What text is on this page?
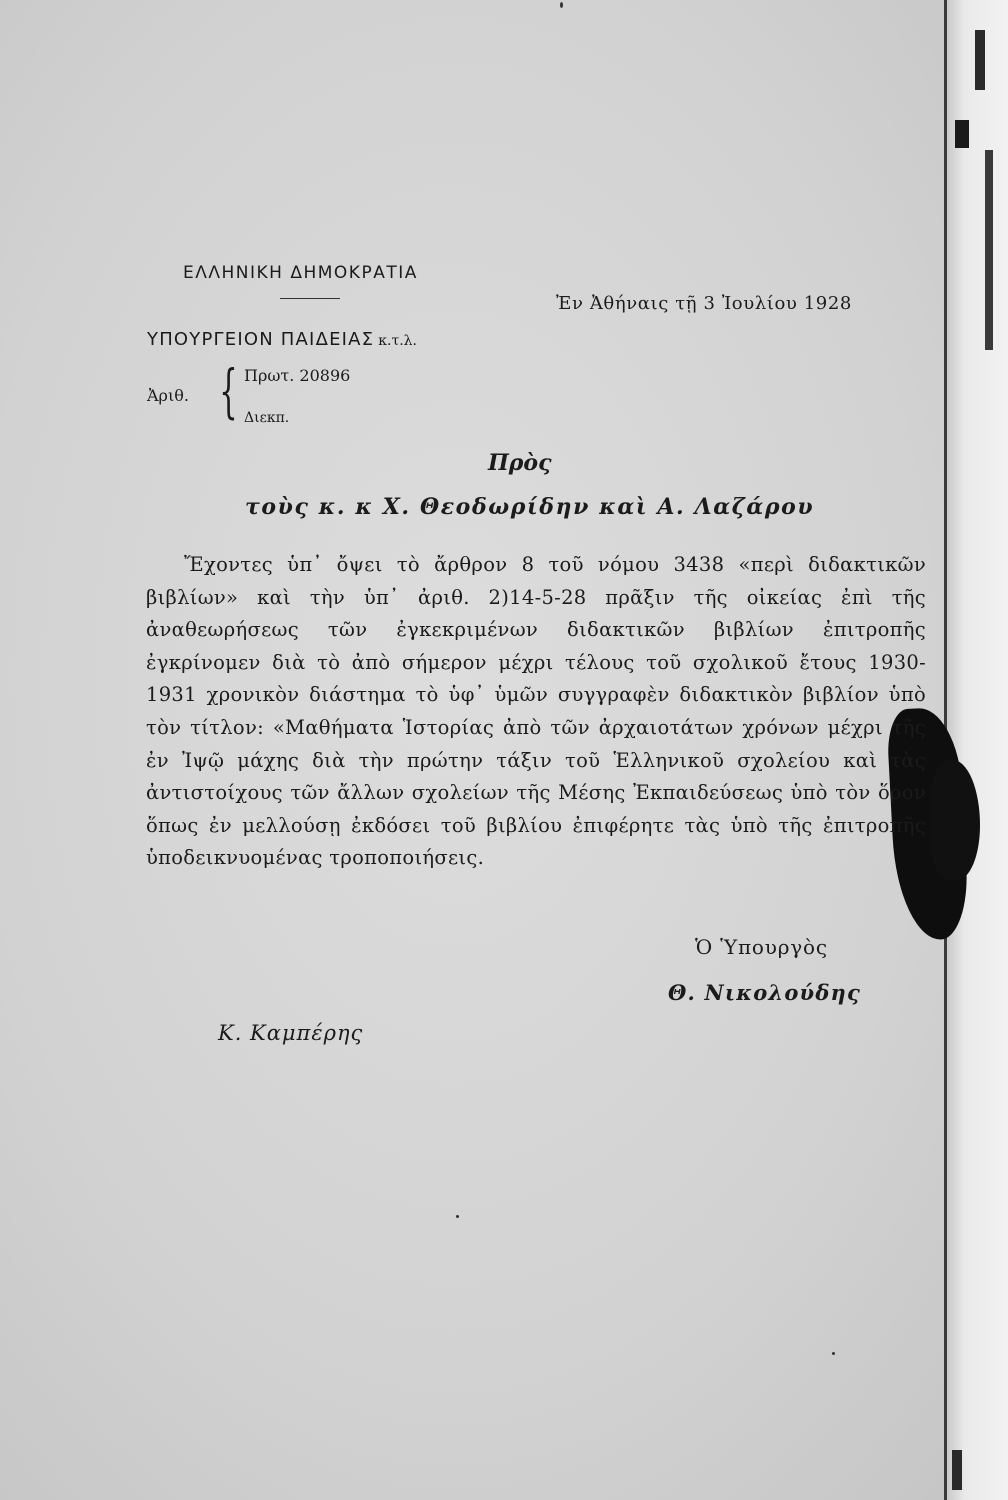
ΕΛΛΗΝΙΚΗ ΔΗΜΟΚΡΑΤΙΑ
ΥΠΟΥΡΓΕΙΟΝ ΠΑΙΔΕΙΑΣ κ.τ.λ.
Ἐν Ἀθήναις τῇ 3 Ἰουλίου 1928
Ἀριθ. { Πρωτ. 20896
Διεκπ.
Πρὸς
τοὺς κ. κ Χ. Θεοδωρίδην καὶ Α. Λαζάρου

Ἔχοντες ὑπ᾽ ὄψει τὸ ἄρθρον 8 τοῦ νόμου 3438 «περὶ διδακτικῶν βιβλίων» καὶ τὴν ὑπ᾽ ἀριθ. 2)14-5-28 πρᾶξιν τῆς οἰκείας ἐπὶ τῆς ἀναθεωρήσεως τῶν ἐγκεκριμένων διδακτικῶν βιβλίων ἐπιτροπῆς ἐγκρίνομεν διὰ τὸ ἀπὸ σήμερον μέχρι τέλους τοῦ σχολικοῦ ἔτους 1930-1931 χρονικὸν διάστημα τὸ ὑφ᾽ ὑμῶν συγγραφὲν διδακτικὸν βιβλίον ὑπὸ τὸν τίτλον: «Μαθήματα Ἱστορίας ἀπὸ τῶν ἀρχαιοτάτων χρόνων μέχρι τῆς ἐν Ἰψῷ μάχης διὰ τὴν πρώτην τάξιν τοῦ Ἑλληνικοῦ σχολείου καὶ τὰς ἀντιστοίχους τῶν ἄλλων σχολείων τῆς Μέσης Ἐκπαιδεύσεως ὑπὸ τὸν ὅρον ὅπως ἐν μελλούσῃ ἐκδόσει τοῦ βιβλίου ἐπιφέρητε τὰς ὑπὸ τῆς ἐπιτροπῆς ὑποδεικνυομένας τροποποιήσεις.

Ὁ Ὑπουργὸς
Θ. Νικολούδης
Κ. Καμπέρης
